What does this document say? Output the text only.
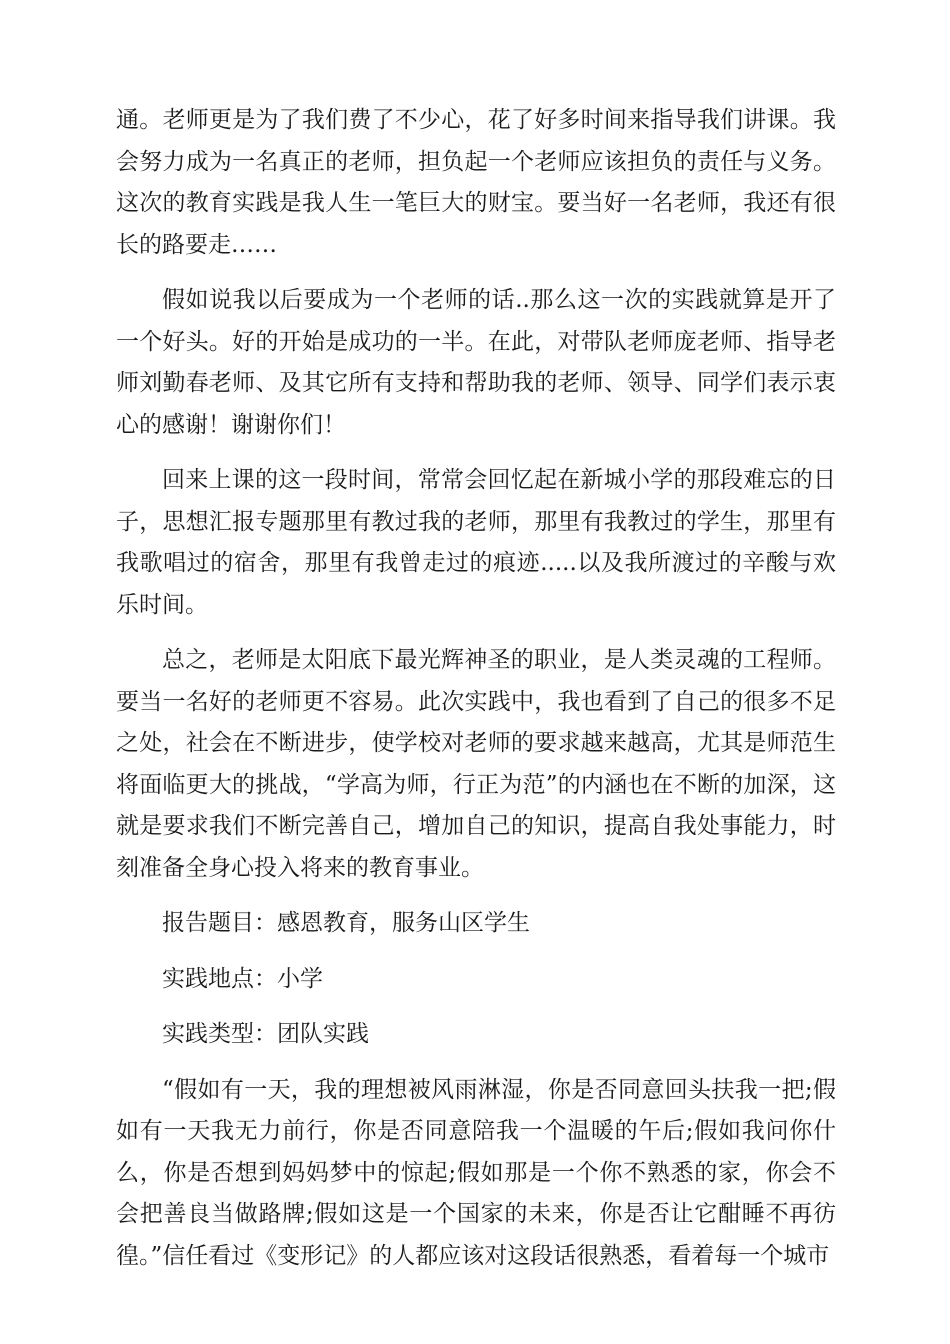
通。老师更是为了我们费了不少心，花了好多时间来指导我们讲课。我会努力成为一名真正的老师，担负起一个老师应该担负的责任与义务。这次的教育实践是我人生一笔巨大的财宝。要当好一名老师，我还有很长的路要走……

假如说我以后要成为一个老师的话..那么这一次的实践就算是开了一个好头。好的开始是成功的一半。在此，对带队老师庞老师、指导老师刘勤春老师、及其它所有支持和帮助我的老师、领导、同学们表示衷心的感谢！谢谢你们！

回来上课的这一段时间，常常会回忆起在新城小学的那段难忘的日子，思想汇报专题那里有教过我的老师，那里有我教过的学生，那里有我歌唱过的宿舍，那里有我曾走过的痕迹.....以及我所渡过的辛酸与欢乐时间。

总之，老师是太阳底下最光辉神圣的职业，是人类灵魂的工程师。要当一名好的老师更不容易。此次实践中，我也看到了自己的很多不足之处，社会在不断进步，使学校对老师的要求越来越高，尤其是师范生将面临更大的挑战，“学高为师，行正为范”的内涵也在不断的加深，这就是要求我们不断完善自己，增加自己的知识，提高自我处事能力，时刻准备全身心投入将来的教育事业。

报告题目：感恩教育，服务山区学生

实践地点：小学

实践类型：团队实践

“假如有一天，我的理想被风雨淋湿，你是否同意回头扶我一把;假如有一天我无力前行，你是否同意陪我一个温暖的午后;假如我问你什么，你是否想到妈妈梦中的惊起;假如那是一个你不熟悉的家，你会不会把善良当做路牌;假如这是一个国家的未来，你是否让它酣睡不再彷徨。”信任看过《变形记》的人都应该对这段话很熟悉，看着每一个城市
